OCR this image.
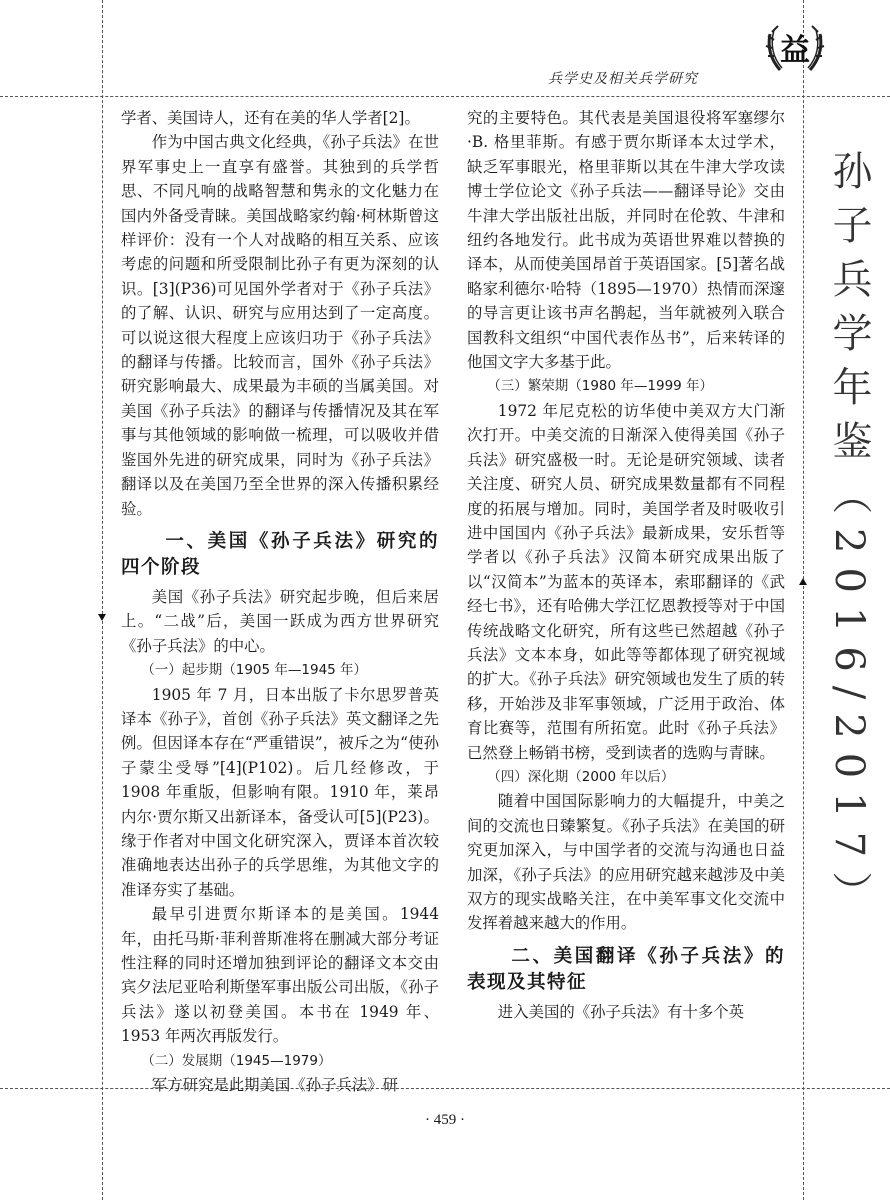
兵学史及相关兵学研究
益
孙子兵学年鉴（2016/2017）

学者、美国诗人，还有在美的华人学者[2]。

作为中国古典文化经典，《孙子兵法》在世界军事史上一直享有盛誉。其独到的兵学哲思、不同凡响的战略智慧和隽永的文化魅力在国内外备受青睐。美国战略家约翰·柯林斯曾这样评价：没有一个人对战略的相互关系、应该考虑的问题和所受限制比孙子有更为深刻的认识。[3](P36)可见国外学者对于《孙子兵法》的了解、认识、研究与应用达到了一定高度。可以说这很大程度上应该归功于《孙子兵法》的翻译与传播。比较而言，国外《孙子兵法》研究影响最大、成果最为丰硕的当属美国。对美国《孙子兵法》的翻译与传播情况及其在军事与其他领域的影响做一梳理，可以吸收并借鉴国外先进的研究成果，同时为《孙子兵法》翻译以及在美国乃至全世界的深入传播积累经验。

一、美国《孙子兵法》研究的四个阶段

美国《孙子兵法》研究起步晚，但后来居上。“二战”后，美国一跃成为西方世界研究《孙子兵法》的中心。

（一）起步期（1905 年—1945 年）

1905 年 7 月，日本出版了卡尔思罗普英译本《孙子》，首创《孙子兵法》英文翻译之先例。但因译本存在“严重错误”，被斥之为“使孙子蒙尘受辱”[4](P102)。后几经修改，于 1908 年重版，但影响有限。1910 年，莱昂内尔·贾尔斯又出新译本，备受认可[5](P23)。缘于作者对中国文化研究深入，贾译本首次较准确地表达出孙子的兵学思维，为其他文字的准译夯实了基础。

最早引进贾尔斯译本的是美国。1944 年，由托马斯·菲利普斯准将在删减大部分考证性注释的同时还增加独到评论的翻译文本交由宾夕法尼亚哈利斯堡军事出版公司出版，《孙子兵法》遂以初登美国。本书在 1949 年、1953 年两次再版发行。

（二）发展期（1945—1979）

军方研究是此期美国《孙子兵法》研

究的主要特色。其代表是美国退役将军塞缪尔·B. 格里菲斯。有感于贾尔斯译本太过学术，缺乏军事眼光，格里菲斯以其在牛津大学攻读博士学位论文《孙子兵法——翻译导论》交由牛津大学出版社出版，并同时在伦敦、牛津和纽约各地发行。此书成为英语世界难以替换的译本，从而使美国昂首于英语国家。[5]著名战略家利德尔·哈特（1895—1970）热情而深邃的导言更让该书声名鹊起，当年就被列入联合国教科文组织“中国代表作丛书”，后来转译的他国文字大多基于此。

（三）繁荣期（1980 年—1999 年）

1972 年尼克松的访华使中美双方大门渐次打开。中美交流的日渐深入使得美国《孙子兵法》研究盛极一时。无论是研究领域、读者关注度、研究人员、研究成果数量都有不同程度的拓展与增加。同时，美国学者及时吸收引进中国国内《孙子兵法》最新成果，安乐哲等学者以《孙子兵法》汉简本研究成果出版了以“汉简本”为蓝本的英译本，索耶翻译的《武经七书》，还有哈佛大学江忆恩教授等对于中国传统战略文化研究，所有这些已然超越《孙子兵法》文本本身，如此等等都体现了研究视域的扩大。《孙子兵法》研究领域也发生了质的转移，开始涉及非军事领域，广泛用于政治、体育比赛等，范围有所拓宽。此时《孙子兵法》已然登上畅销书榜，受到读者的选购与青睐。

（四）深化期（2000 年以后）

随着中国国际影响力的大幅提升，中美之间的交流也日臻繁复。《孙子兵法》在美国的研究更加深入，与中国学者的交流与沟通也日益加深，《孙子兵法》的应用研究越来越涉及中美双方的现实战略关注，在中美军事文化交流中发挥着越来越大的作用。

二、美国翻译《孙子兵法》的表现及其特征

进入美国的《孙子兵法》有十多个英

· 459 ·
